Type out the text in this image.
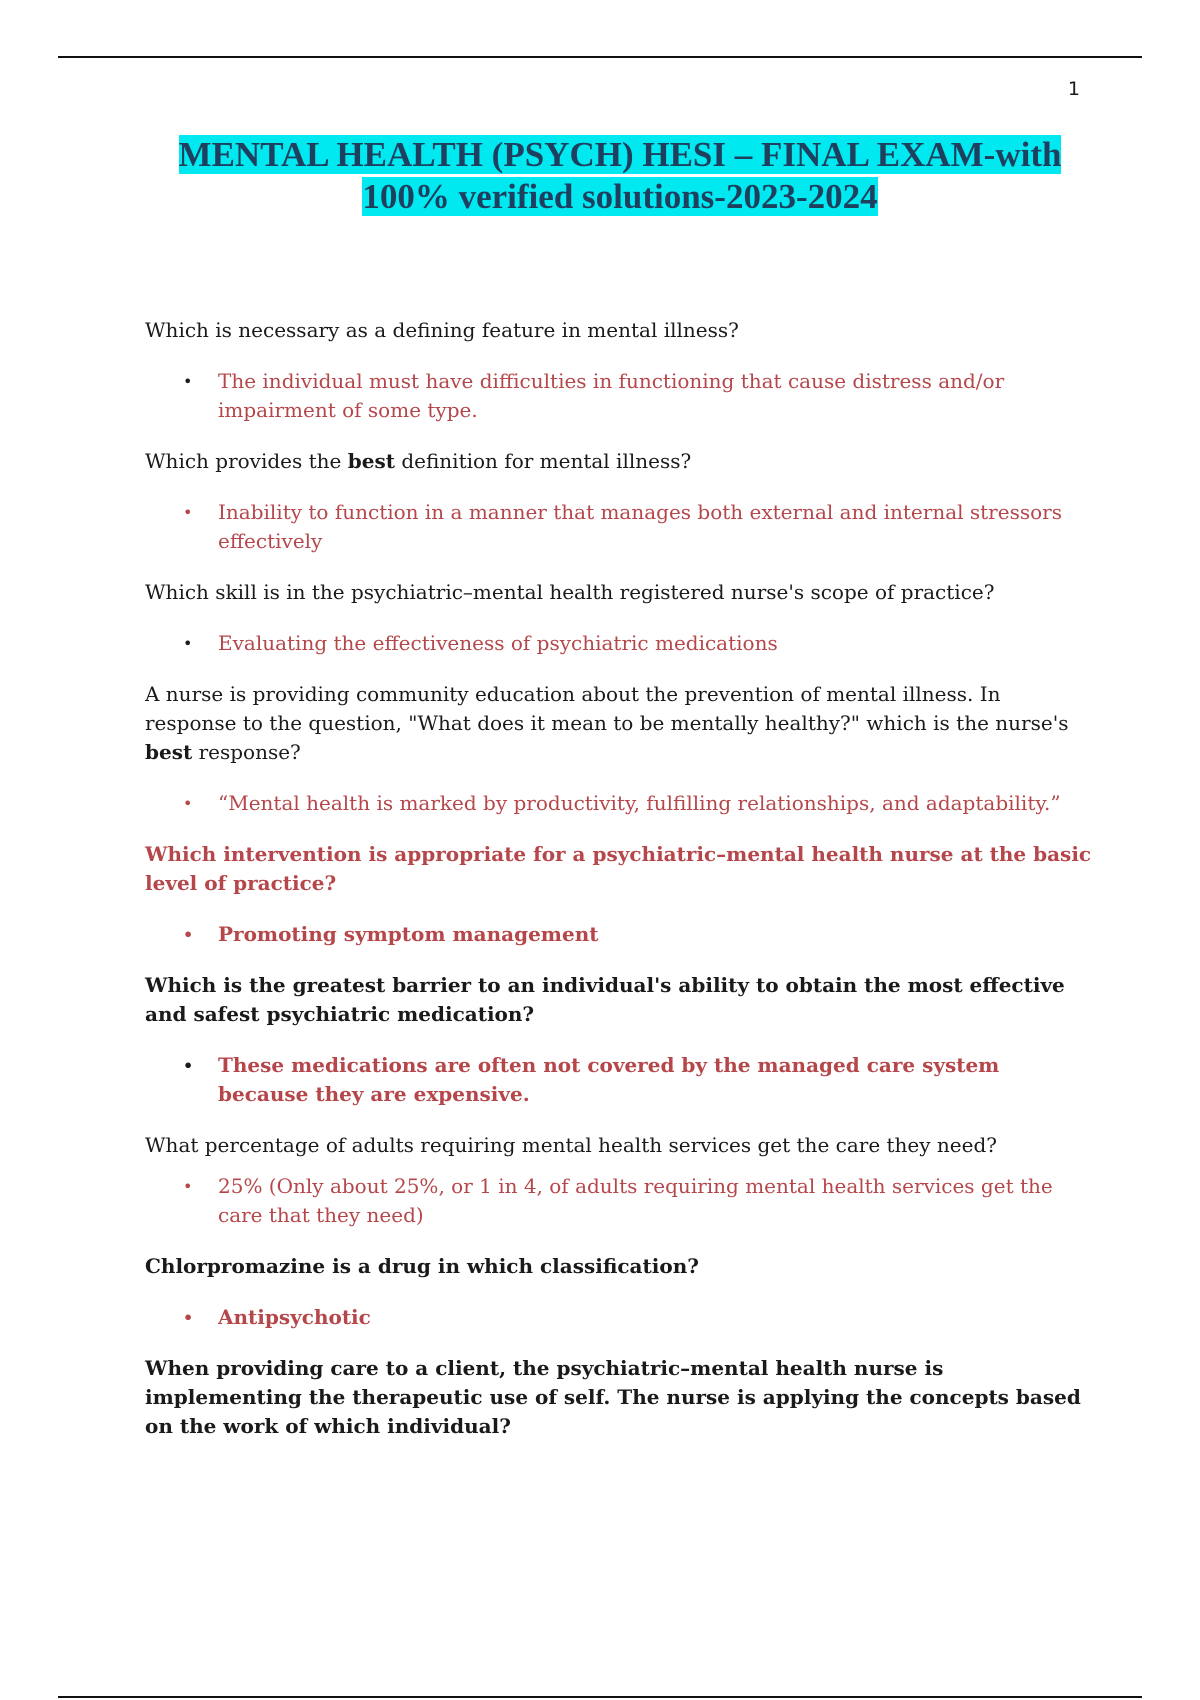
1
MENTAL HEALTH (PSYCH) HESI – FINAL EXAM-with
100% verified solutions-2023-2024

Which is necessary as a defining feature in mental illness?

• The individual must have difficulties in functioning that cause distress and/or impairment of some type.

Which provides the best definition for mental illness?

• Inability to function in a manner that manages both external and internal stressors effectively

Which skill is in the psychiatric–mental health registered nurse's scope of practice?

• Evaluating the effectiveness of psychiatric medications

A nurse is providing community education about the prevention of mental illness. In response to the question, "What does it mean to be mentally healthy?" which is the nurse's best response?

• “Mental health is marked by productivity, fulfilling relationships, and adaptability.”

Which intervention is appropriate for a psychiatric–mental health nurse at the basic level of practice?

• Promoting symptom management

Which is the greatest barrier to an individual's ability to obtain the most effective and safest psychiatric medication?

• These medications are often not covered by the managed care system because they are expensive.

What percentage of adults requiring mental health services get the care they need?

• 25% (Only about 25%, or 1 in 4, of adults requiring mental health services get the care that they need)

Chlorpromazine is a drug in which classification?

• Antipsychotic

When providing care to a client, the psychiatric–mental health nurse is implementing the therapeutic use of self. The nurse is applying the concepts based on the work of which individual?
